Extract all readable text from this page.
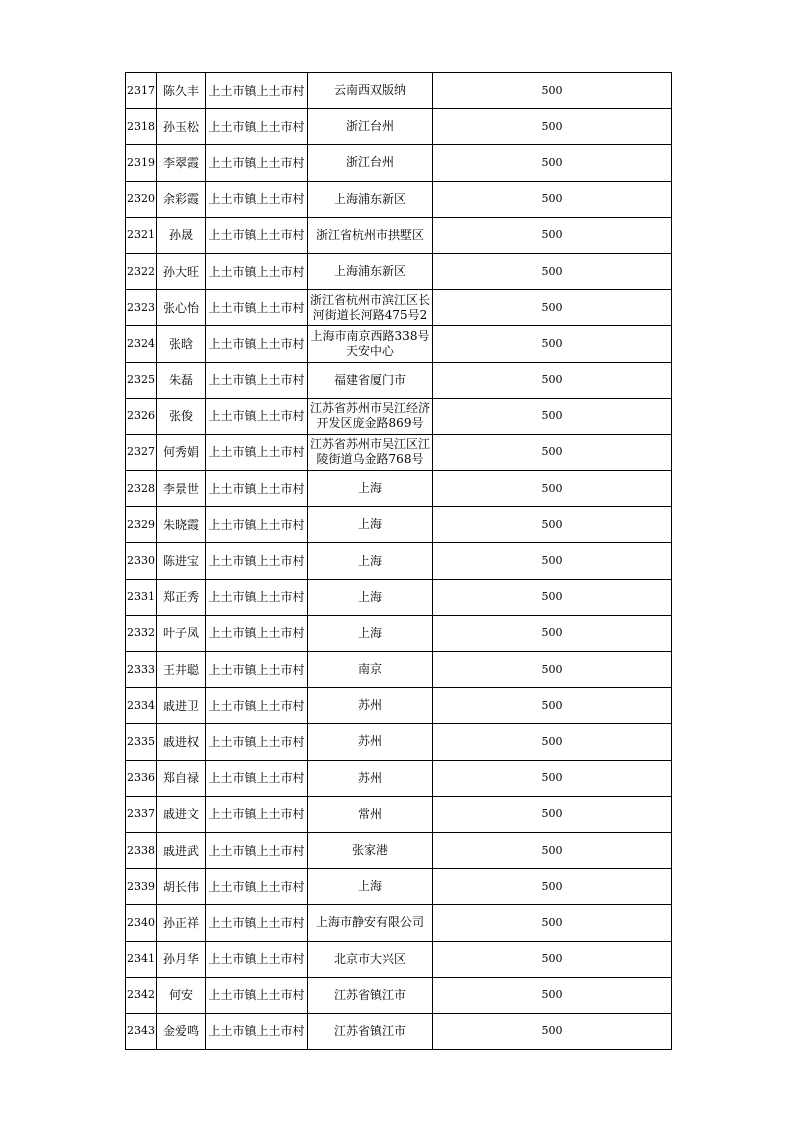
2317	陈久丰	上土市镇上土市村	云南西双版纳	500
2318	孙玉松	上土市镇上土市村	浙江台州	500
2319	李翠霞	上土市镇上土市村	浙江台州	500
2320	余彩霞	上土市镇上土市村	上海浦东新区	500
2321	孙晟	上土市镇上土市村	浙江省杭州市拱墅区	500
2322	孙大旺	上土市镇上土市村	上海浦东新区	500
2323	张心怡	上土市镇上土市村	浙江省杭州市滨江区长河街道长河路475号2	500
2324	张晗	上土市镇上土市村	上海市南京西路338号天安中心	500
2325	朱磊	上土市镇上土市村	福建省厦门市	500
2326	张俊	上土市镇上土市村	江苏省苏州市吴江经济开发区庞金路869号	500
2327	何秀娟	上土市镇上土市村	江苏省苏州市吴江区江陵街道乌金路768号	500
2328	李景世	上土市镇上土市村	上海	500
2329	朱晓霞	上土市镇上土市村	上海	500
2330	陈进宝	上土市镇上土市村	上海	500
2331	郑正秀	上土市镇上土市村	上海	500
2332	叶子凤	上土市镇上土市村	上海	500
2333	王井聪	上土市镇上土市村	南京	500
2334	戚进卫	上土市镇上土市村	苏州	500
2335	戚进权	上土市镇上土市村	苏州	500
2336	郑自禄	上土市镇上土市村	苏州	500
2337	戚进文	上土市镇上土市村	常州	500
2338	戚进武	上土市镇上土市村	张家港	500
2339	胡长伟	上土市镇上土市村	上海	500
2340	孙正祥	上土市镇上土市村	上海市静安有限公司	500
2341	孙月华	上土市镇上土市村	北京市大兴区	500
2342	何安	上土市镇上土市村	江苏省镇江市	500
2343	金爱鸣	上土市镇上土市村	江苏省镇江市	500
